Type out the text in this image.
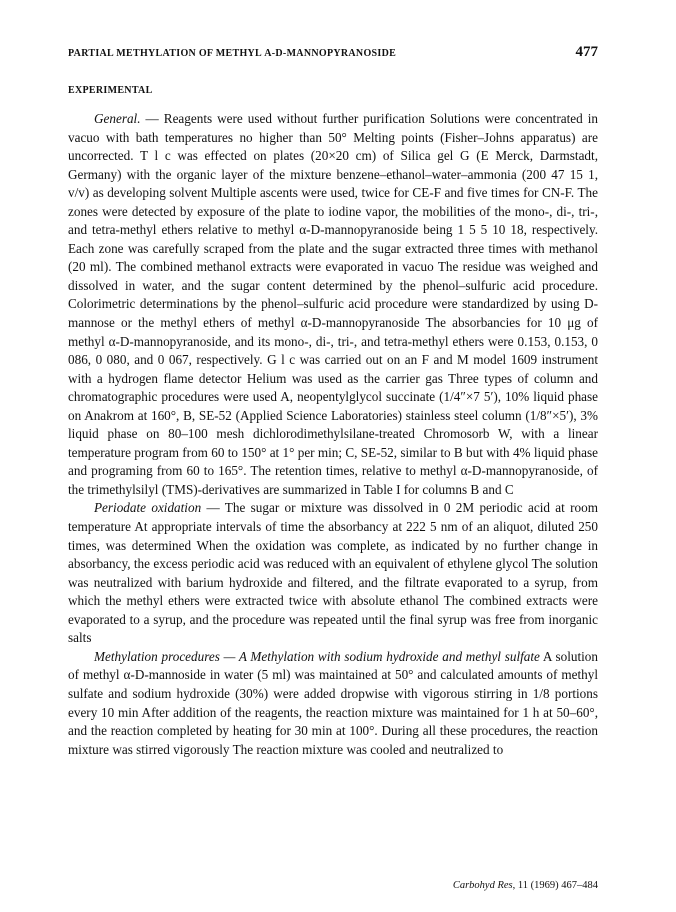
PARTIAL METHYLATION OF METHYL Α-D-MANNOPYRANOSIDE	477
EXPERIMENTAL

General. — Reagents were used without further purification Solutions were concentrated in vacuo with bath temperatures no higher than 50° Melting points (Fisher–Johns apparatus) are uncorrected. T l c was effected on plates (20×20 cm) of Silica gel G (E Merck, Darmstadt, Germany) with the organic layer of the mixture benzene–ethanol–water–ammonia (200 47 15 1, v/v) as developing solvent Multiple ascents were used, twice for CE-F and five times for CN-F. The zones were detected by exposure of the plate to iodine vapor, the mobilities of the mono-, di-, tri-, and tetra-methyl ethers relative to methyl α-D-mannopyranoside being 1 5 5 10 18, respectively. Each zone was carefully scraped from the plate and the sugar extracted three times with methanol (20 ml). The combined methanol extracts were evaporated in vacuo The residue was weighed and dissolved in water, and the sugar content determined by the phenol–sulfuric acid procedure. Colorimetric determinations by the phenol–sulfuric acid procedure were standardized by using D-mannose or the methyl ethers of methyl α-D-mannopyranoside The absorbancies for 10 μg of methyl α-D-mannopyranoside, and its mono-, di-, tri-, and tetra-methyl ethers were 0.153, 0.153, 0 086, 0 080, and 0 067, respectively. G l c was carried out on an F and M model 1609 instrument with a hydrogen flame detector Helium was used as the carrier gas Three types of column and chromatographic procedures were used A, neopentylglycol succinate (1/4″×7 5′), 10% liquid phase on Anakrom at 160°, B, SE-52 (Applied Science Laboratories) stainless steel column (1/8″×5′), 3% liquid phase on 80–100 mesh dichlorodimethylsilane-treated Chromosorb W, with a linear temperature program from 60 to 150° at 1° per min; C, SE-52, similar to B but with 4% liquid phase and programing from 60 to 165°. The retention times, relative to methyl α-D-mannopyranoside, of the trimethylsilyl (TMS)-derivatives are summarized in Table I for columns B and C

Periodate oxidation — The sugar or mixture was dissolved in 0 2M periodic acid at room temperature At appropriate intervals of time the absorbancy at 222 5 nm of an aliquot, diluted 250 times, was determined When the oxidation was complete, as indicated by no further change in absorbancy, the excess periodic acid was reduced with an equivalent of ethylene glycol The solution was neutralized with barium hydroxide and filtered, and the filtrate evaporated to a syrup, from which the methyl ethers were extracted twice with absolute ethanol The combined extracts were evaporated to a syrup, and the procedure was repeated until the final syrup was free from inorganic salts

Methylation procedures — A Methylation with sodium hydroxide and methyl sulfate A solution of methyl α-D-mannoside in water (5 ml) was maintained at 50° and calculated amounts of methyl sulfate and sodium hydroxide (30%) were added dropwise with vigorous stirring in 1/8 portions every 10 min After addition of the reagents, the reaction mixture was maintained for 1 h at 50–60°, and the reaction completed by heating for 30 min at 100°. During all these procedures, the reaction mixture was stirred vigorously The reaction mixture was cooled and neutralized to

Carbohyd Res, 11 (1969) 467–484
